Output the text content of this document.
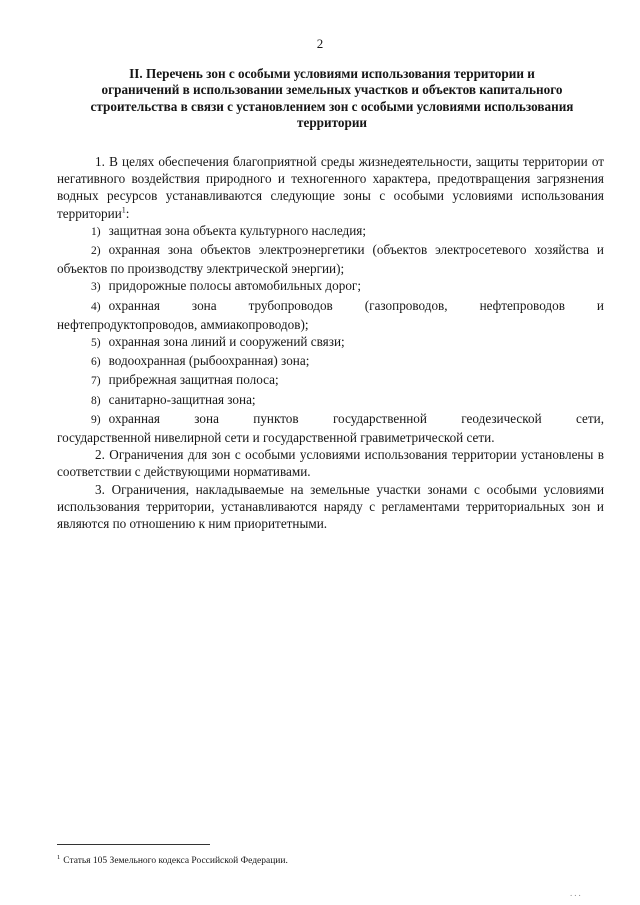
2
II. Перечень зон с особыми условиями использования территории и
ограничений в использовании земельных участков и объектов капитального
строительства в связи с установлением зон с особыми условиями использования
территории

1. В целях обеспечения благоприятной среды жизнедеятельности, защиты территории от негативного воздействия природного и техногенного характера, предотвращения загрязнения водных ресурсов устанавливаются следующие зоны с особыми условиями использования территории$^1$:

1) защитная зона объекта культурного наследия;

2) охранная зона объектов электроэнергетики (объектов электросетевого хозяйства и объектов по производству электрической энергии);

3) придорожные полосы автомобильных дорог;

4) охранная зона трубопроводов (газопроводов, нефтепроводов и
нефтепродуктопроводов, аммиакопроводов);

5) охранная зона линий и сооружений связи;

6) водоохранная (рыбоохранная) зона;

7) прибрежная защитная полоса;

8) санитарно-защитная зона;

9) охранная зона пунктов государственной геодезической сети,
государственной нивелирной сети и государственной гравиметрической сети.

2. Ограничения для зон с особыми условиями использования территории установлены в соответствии с действующими нормативами.

3. Ограничения, накладываемые на земельные участки зонами с особыми условиями использования территории, устанавливаются наряду с регламентами территориальных зон и являются по отношению к ним приоритетными.

$^1$ Статья 105 Земельного кодекса Российской Федерации.
...
